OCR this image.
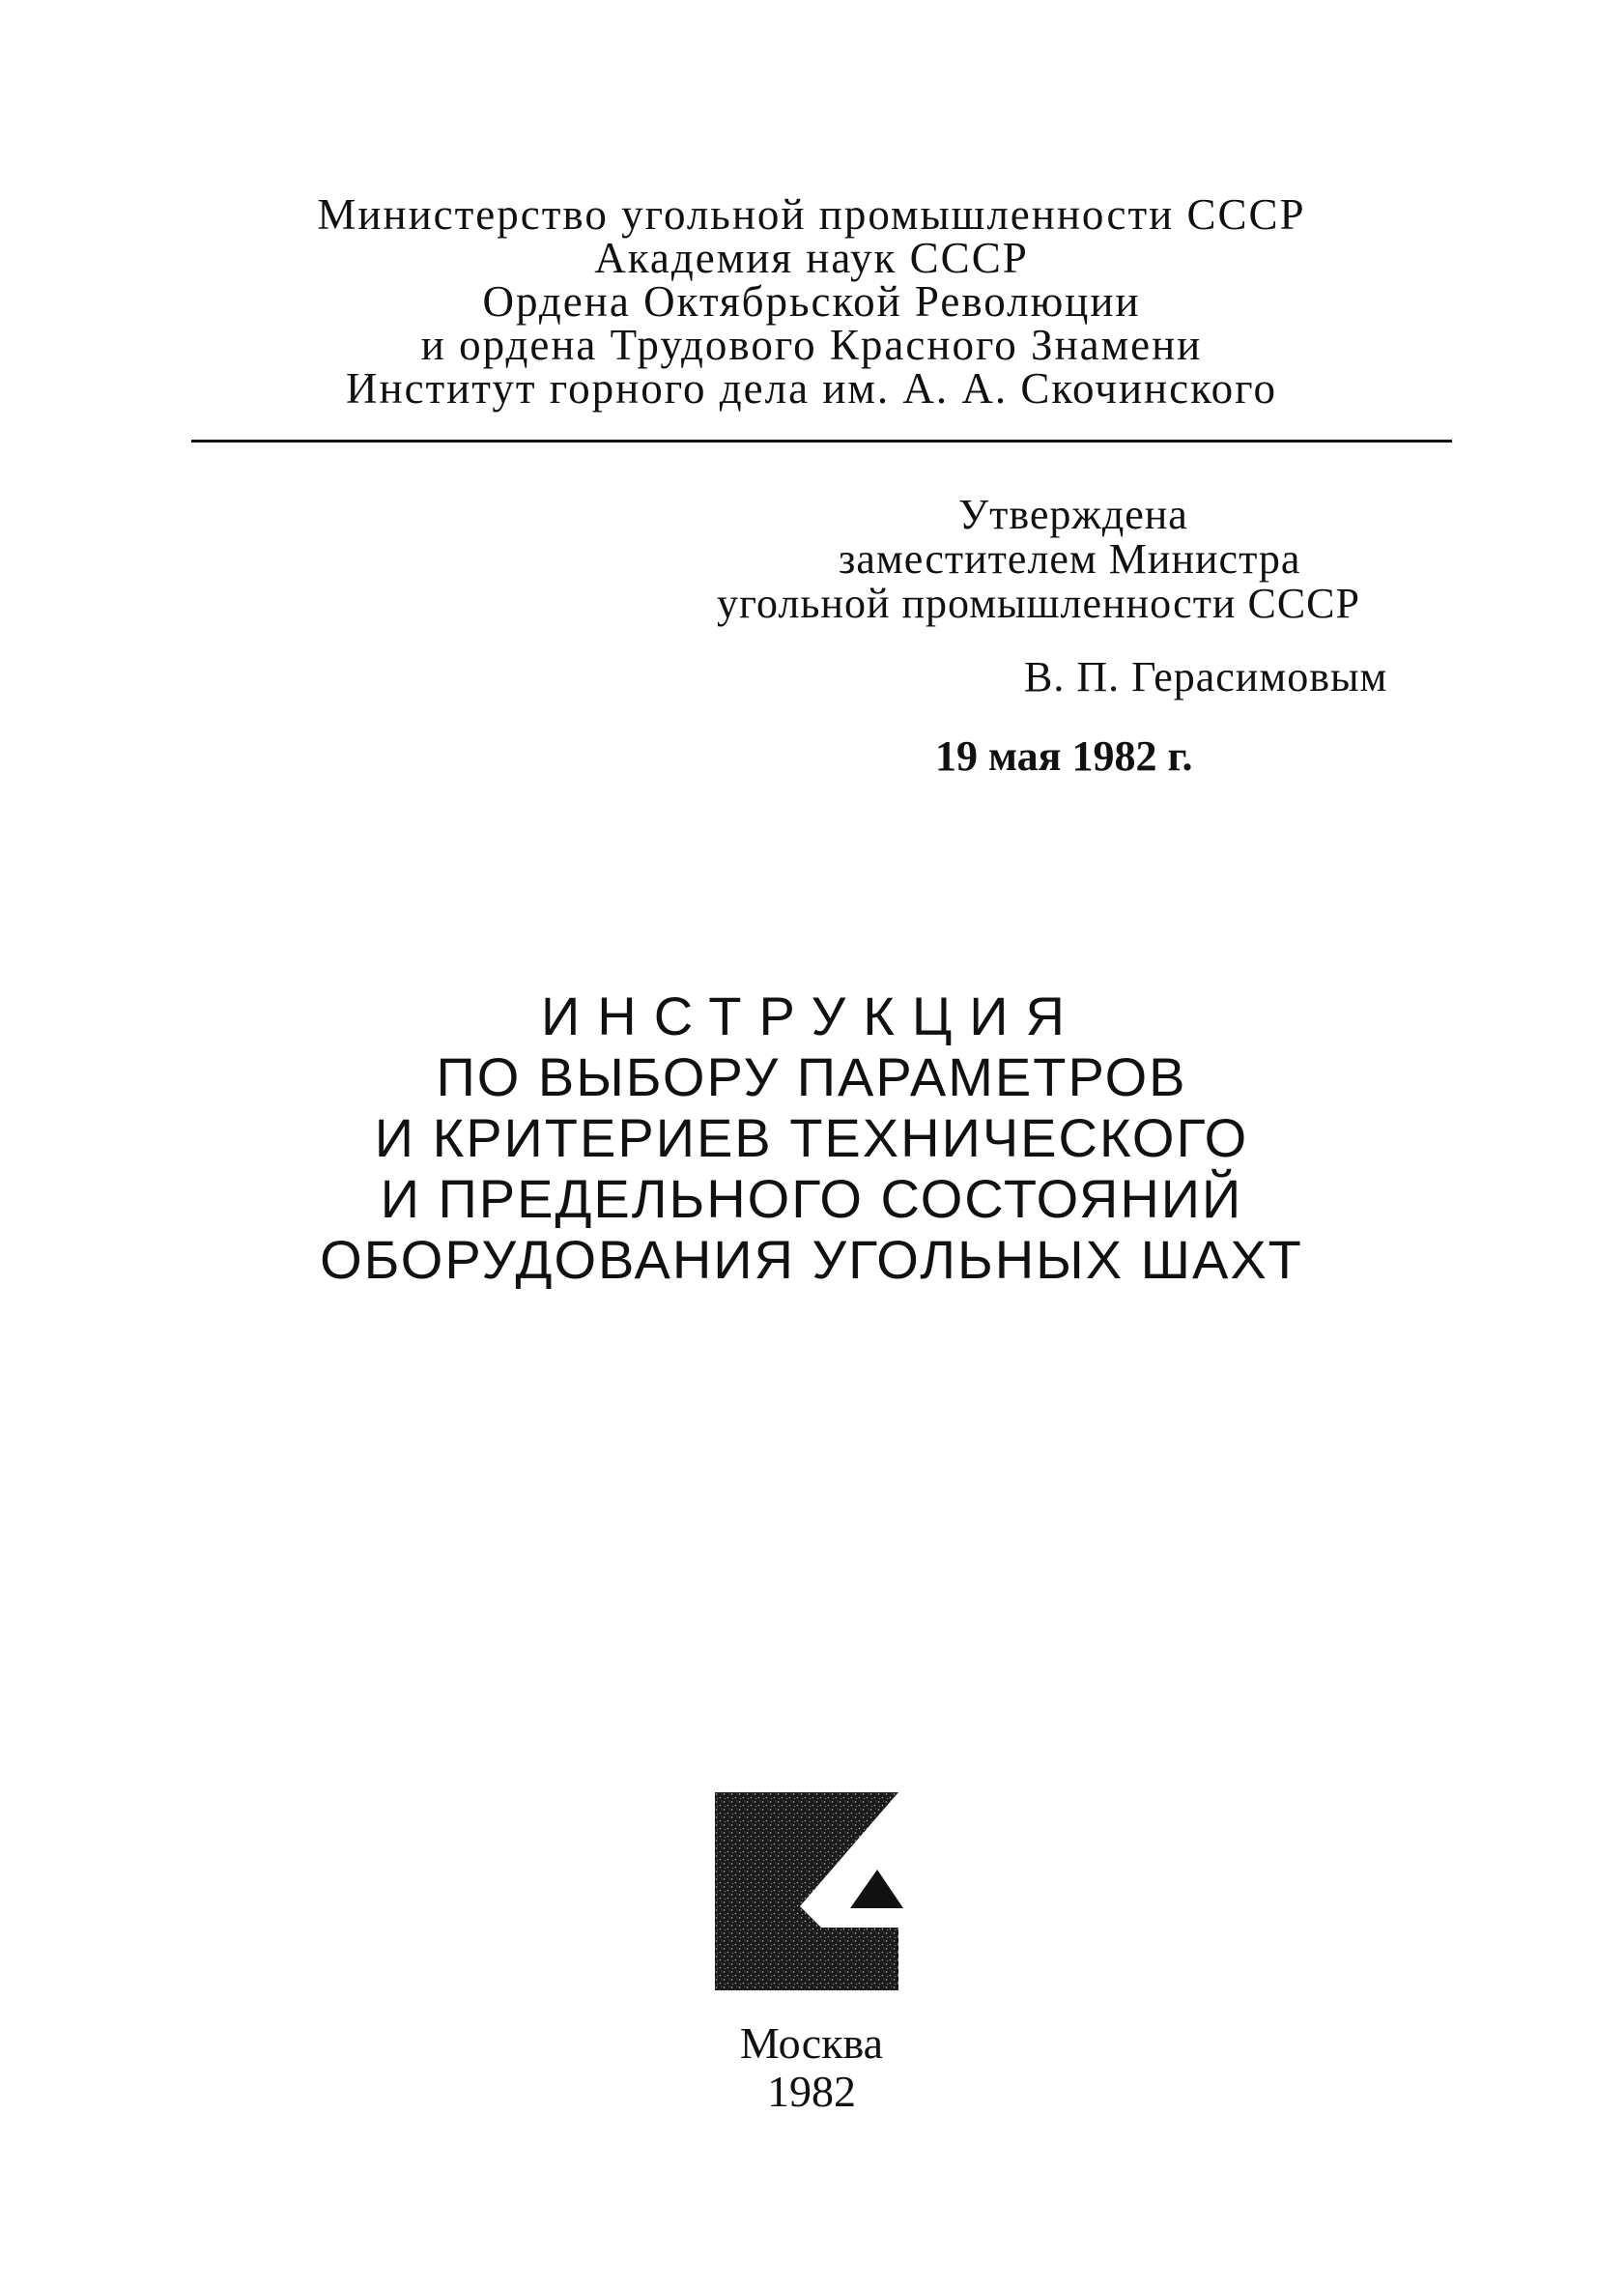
Министерство угольной промышленности СССР
Академия наук СССР
Ордена Октябрьской Революции
и ордена Трудового Красного Знамени
Институт горного дела им. А. А. Скочинского
Утверждена
заместителем Министра
угольной промышленности СССР
В. П. Герасимовым
19 мая 1982 г.
ИНСТРУКЦИЯ
ПО ВЫБОРУ ПАРАМЕТРОВ
И КРИТЕРИЕВ ТЕХНИЧЕСКОГО
И ПРЕДЕЛЬНОГО СОСТОЯНИЙ
ОБОРУДОВАНИЯ УГОЛЬНЫХ ШАХТ
Москва
1982
